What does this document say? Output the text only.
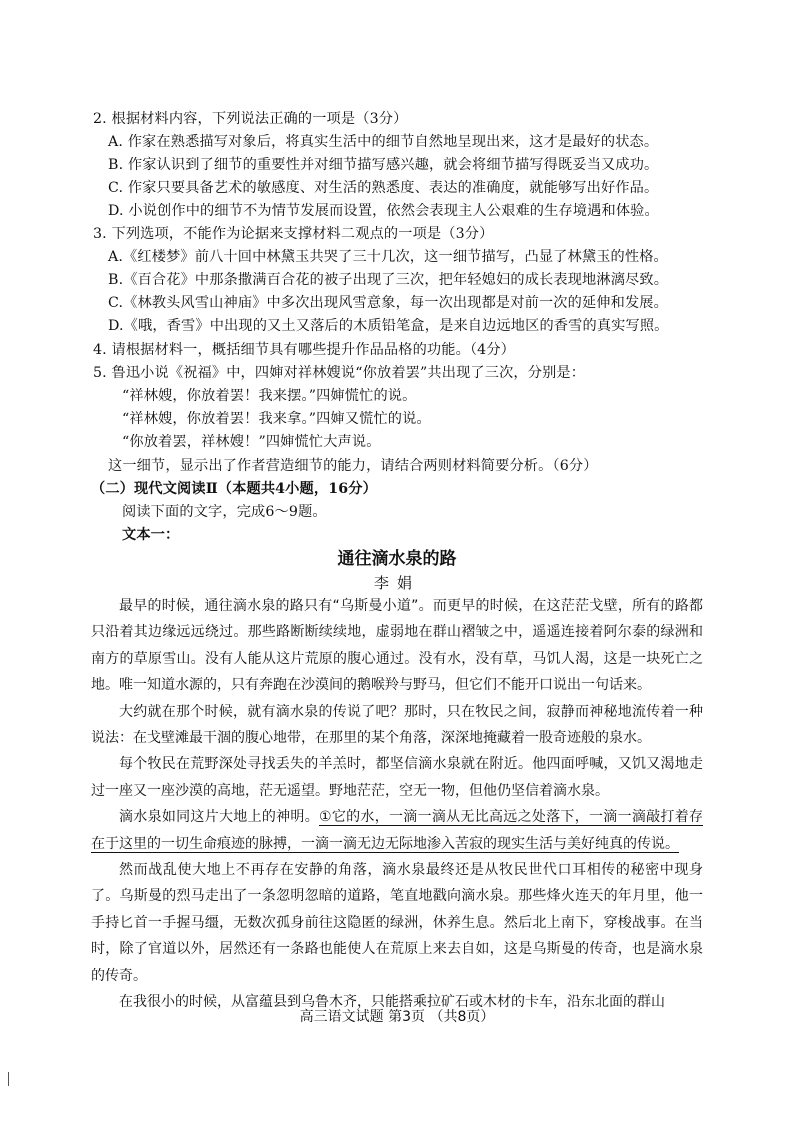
2. 根据材料内容，下列说法正确的一项是（3分）
A. 作家在熟悉描写对象后，将真实生活中的细节自然地呈现出来，这才是最好的状态。
B. 作家认识到了细节的重要性并对细节描写感兴趣，就会将细节描写得既妥当又成功。
C. 作家只要具备艺术的敏感度、对生活的熟悉度、表达的准确度，就能够写出好作品。
D. 小说创作中的细节不为情节发展而设置，依然会表现主人公艰难的生存境遇和体验。
3. 下列选项，不能作为论据来支撑材料二观点的一项是（3分）
A.《红楼梦》前八十回中林黛玉共哭了三十几次，这一细节描写，凸显了林黛玉的性格。
B.《百合花》中那条撒满百合花的被子出现了三次，把年轻媳妇的成长表现地淋漓尽致。
C.《林教头风雪山神庙》中多次出现风雪意象，每一次出现都是对前一次的延伸和发展。
D.《哦，香雪》中出现的又土又落后的木质铅笔盒，是来自边远地区的香雪的真实写照。
4. 请根据材料一，概括细节具有哪些提升作品品格的功能。（4分）
5. 鲁迅小说《祝福》中，四婶对祥林嫂说“你放着罢”共出现了三次，分别是：
“祥林嫂，你放着罢！我来摆。”四婶慌忙的说。
“祥林嫂，你放着罢！我来拿。”四婶又慌忙的说。
“你放着罢，祥林嫂！”四婶慌忙大声说。
这一细节，显示出了作者营造细节的能力，请结合两则材料简要分析。（6分）
（二）现代文阅读Ⅱ（本题共4小题，16分）
阅读下面的文字，完成6～9题。
文本一：
通往滴水泉的路
李娟

最早的时候，通往滴水泉的路只有“乌斯曼小道”。而更早的时候，在这茫茫戈壁，所有的路都只沿着其边缘远远绕过。那些路断断续续地，虚弱地在群山褶皱之中，遥遥连接着阿尔泰的绿洲和南方的草原雪山。没有人能从这片荒原的腹心通过。没有水，没有草，马饥人渴，这是一块死亡之地。唯一知道水源的，只有奔跑在沙漠间的鹅喉羚与野马，但它们不能开口说出一句话来。

大约就在那个时候，就有滴水泉的传说了吧？那时，只在牧民之间，寂静而神秘地流传着一种说法：在戈壁滩最干涸的腹心地带，在那里的某个角落，深深地掩藏着一股奇迹般的泉水。

每个牧民在荒野深处寻找丢失的羊羔时，都坚信滴水泉就在附近。他四面呼喊，又饥又渴地走过一座又一座沙漠的高地，茫无遥望。野地茫茫，空无一物，但他仍坚信着滴水泉。

滴水泉如同这片大地上的神明。①它的水，一滴一滴从无比高远之处落下，一滴一滴敲打着存在于这里的一切生命痕迹的脉搏，一滴一滴无边无际地渗入苦寂的现实生活与美好纯真的传说。

然而战乱使大地上不再存在安静的角落，滴水泉最终还是从牧民世代口耳相传的秘密中现身了。乌斯曼的烈马走出了一条忽明忽暗的道路，笔直地戳向滴水泉。那些烽火连天的年月里，他一手持匕首一手握马缰，无数次孤身前往这隐匿的绿洲，休养生息。然后北上南下，穿梭战事。在当时，除了官道以外，居然还有一条路也能使人在荒原上来去自如，这是乌斯曼的传奇，也是滴水泉的传奇。

在我很小的时候，从富蕴县到乌鲁木齐，只能搭乘拉矿石或木材的卡车，沿东北面的群山

高三语文试题 第3页 （共8页）
